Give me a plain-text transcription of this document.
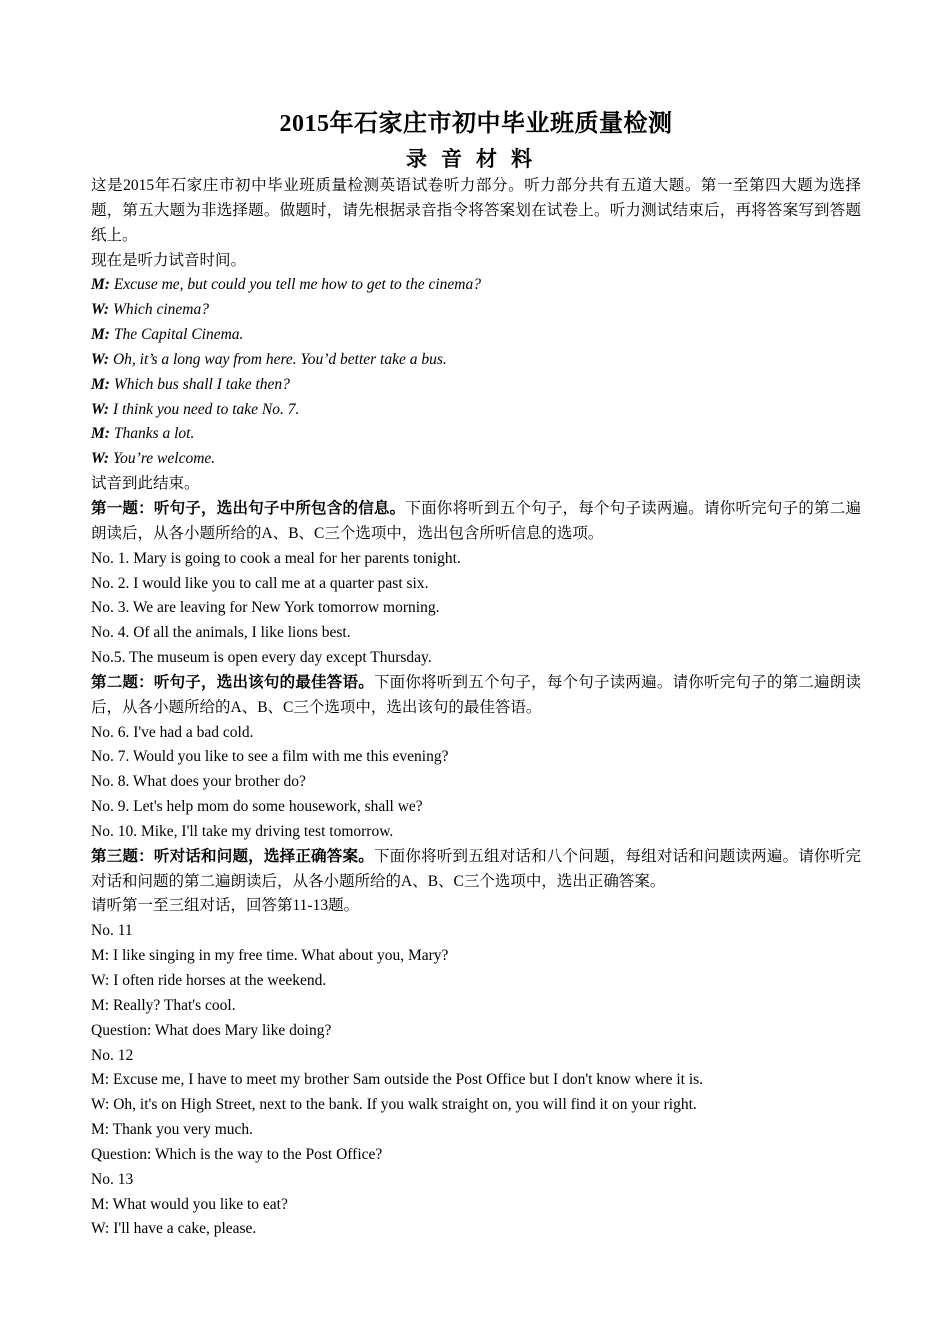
2015年石家庄市初中毕业班质量检测
录音材料

这是2015年石家庄市初中毕业班质量检测英语试卷听力部分。听力部分共有五道大题。第一至第四大题为选择题，第五大题为非选择题。做题时，请先根据录音指令将答案划在试卷上。听力测试结束后，再将答案写到答题纸上。

现在是听力试音时间。

M: Excuse me, but could you tell me how to get to the cinema?

W: Which cinema?

M: The Capital Cinema.

W: Oh, it’s a long way from here. You’d better take a bus.

M: Which bus shall I take then?

W: I think you need to take No. 7.

M: Thanks a lot.

W: You’re welcome.

试音到此结束。

第一题：听句子，选出句子中所包含的信息。下面你将听到五个句子，每个句子读两遍。请你听完句子的第二遍朗读后，从各小题所给的A、B、C三个选项中，选出包含所听信息的选项。

No. 1. Mary is going to cook a meal for her parents tonight.

No. 2. I would like you to call me at a quarter past six.

No. 3. We are leaving for New York tomorrow morning.

No. 4. Of all the animals, I like lions best.

No.5. The museum is open every day except Thursday.

第二题：听句子，选出该句的最佳答语。下面你将听到五个句子，每个句子读两遍。请你听完句子的第二遍朗读后，从各小题所给的A、B、C三个选项中，选出该句的最佳答语。

No. 6. I've had a bad cold.

No. 7. Would you like to see a film with me this evening?

No. 8. What does your brother do?

No. 9. Let's help mom do some housework, shall we?

No. 10. Mike, I'll take my driving test tomorrow.

第三题：听对话和问题，选择正确答案。下面你将听到五组对话和八个问题，每组对话和问题读两遍。请你听完对话和问题的第二遍朗读后，从各小题所给的A、B、C三个选项中，选出正确答案。

请听第一至三组对话，回答第11-13题。

No. 11

M: I like singing in my free time. What about you, Mary?

W: I often ride horses at the weekend.

M: Really? That's cool.

Question: What does Mary like doing?

No. 12

M: Excuse me, I have to meet my brother Sam outside the Post Office but I don't know where it is.

W: Oh, it's on High Street, next to the bank. If you walk straight on, you will find it on your right.

M: Thank you very much.

Question: Which is the way to the Post Office?

No. 13

M: What would you like to eat?

W: I'll have a cake, please.
